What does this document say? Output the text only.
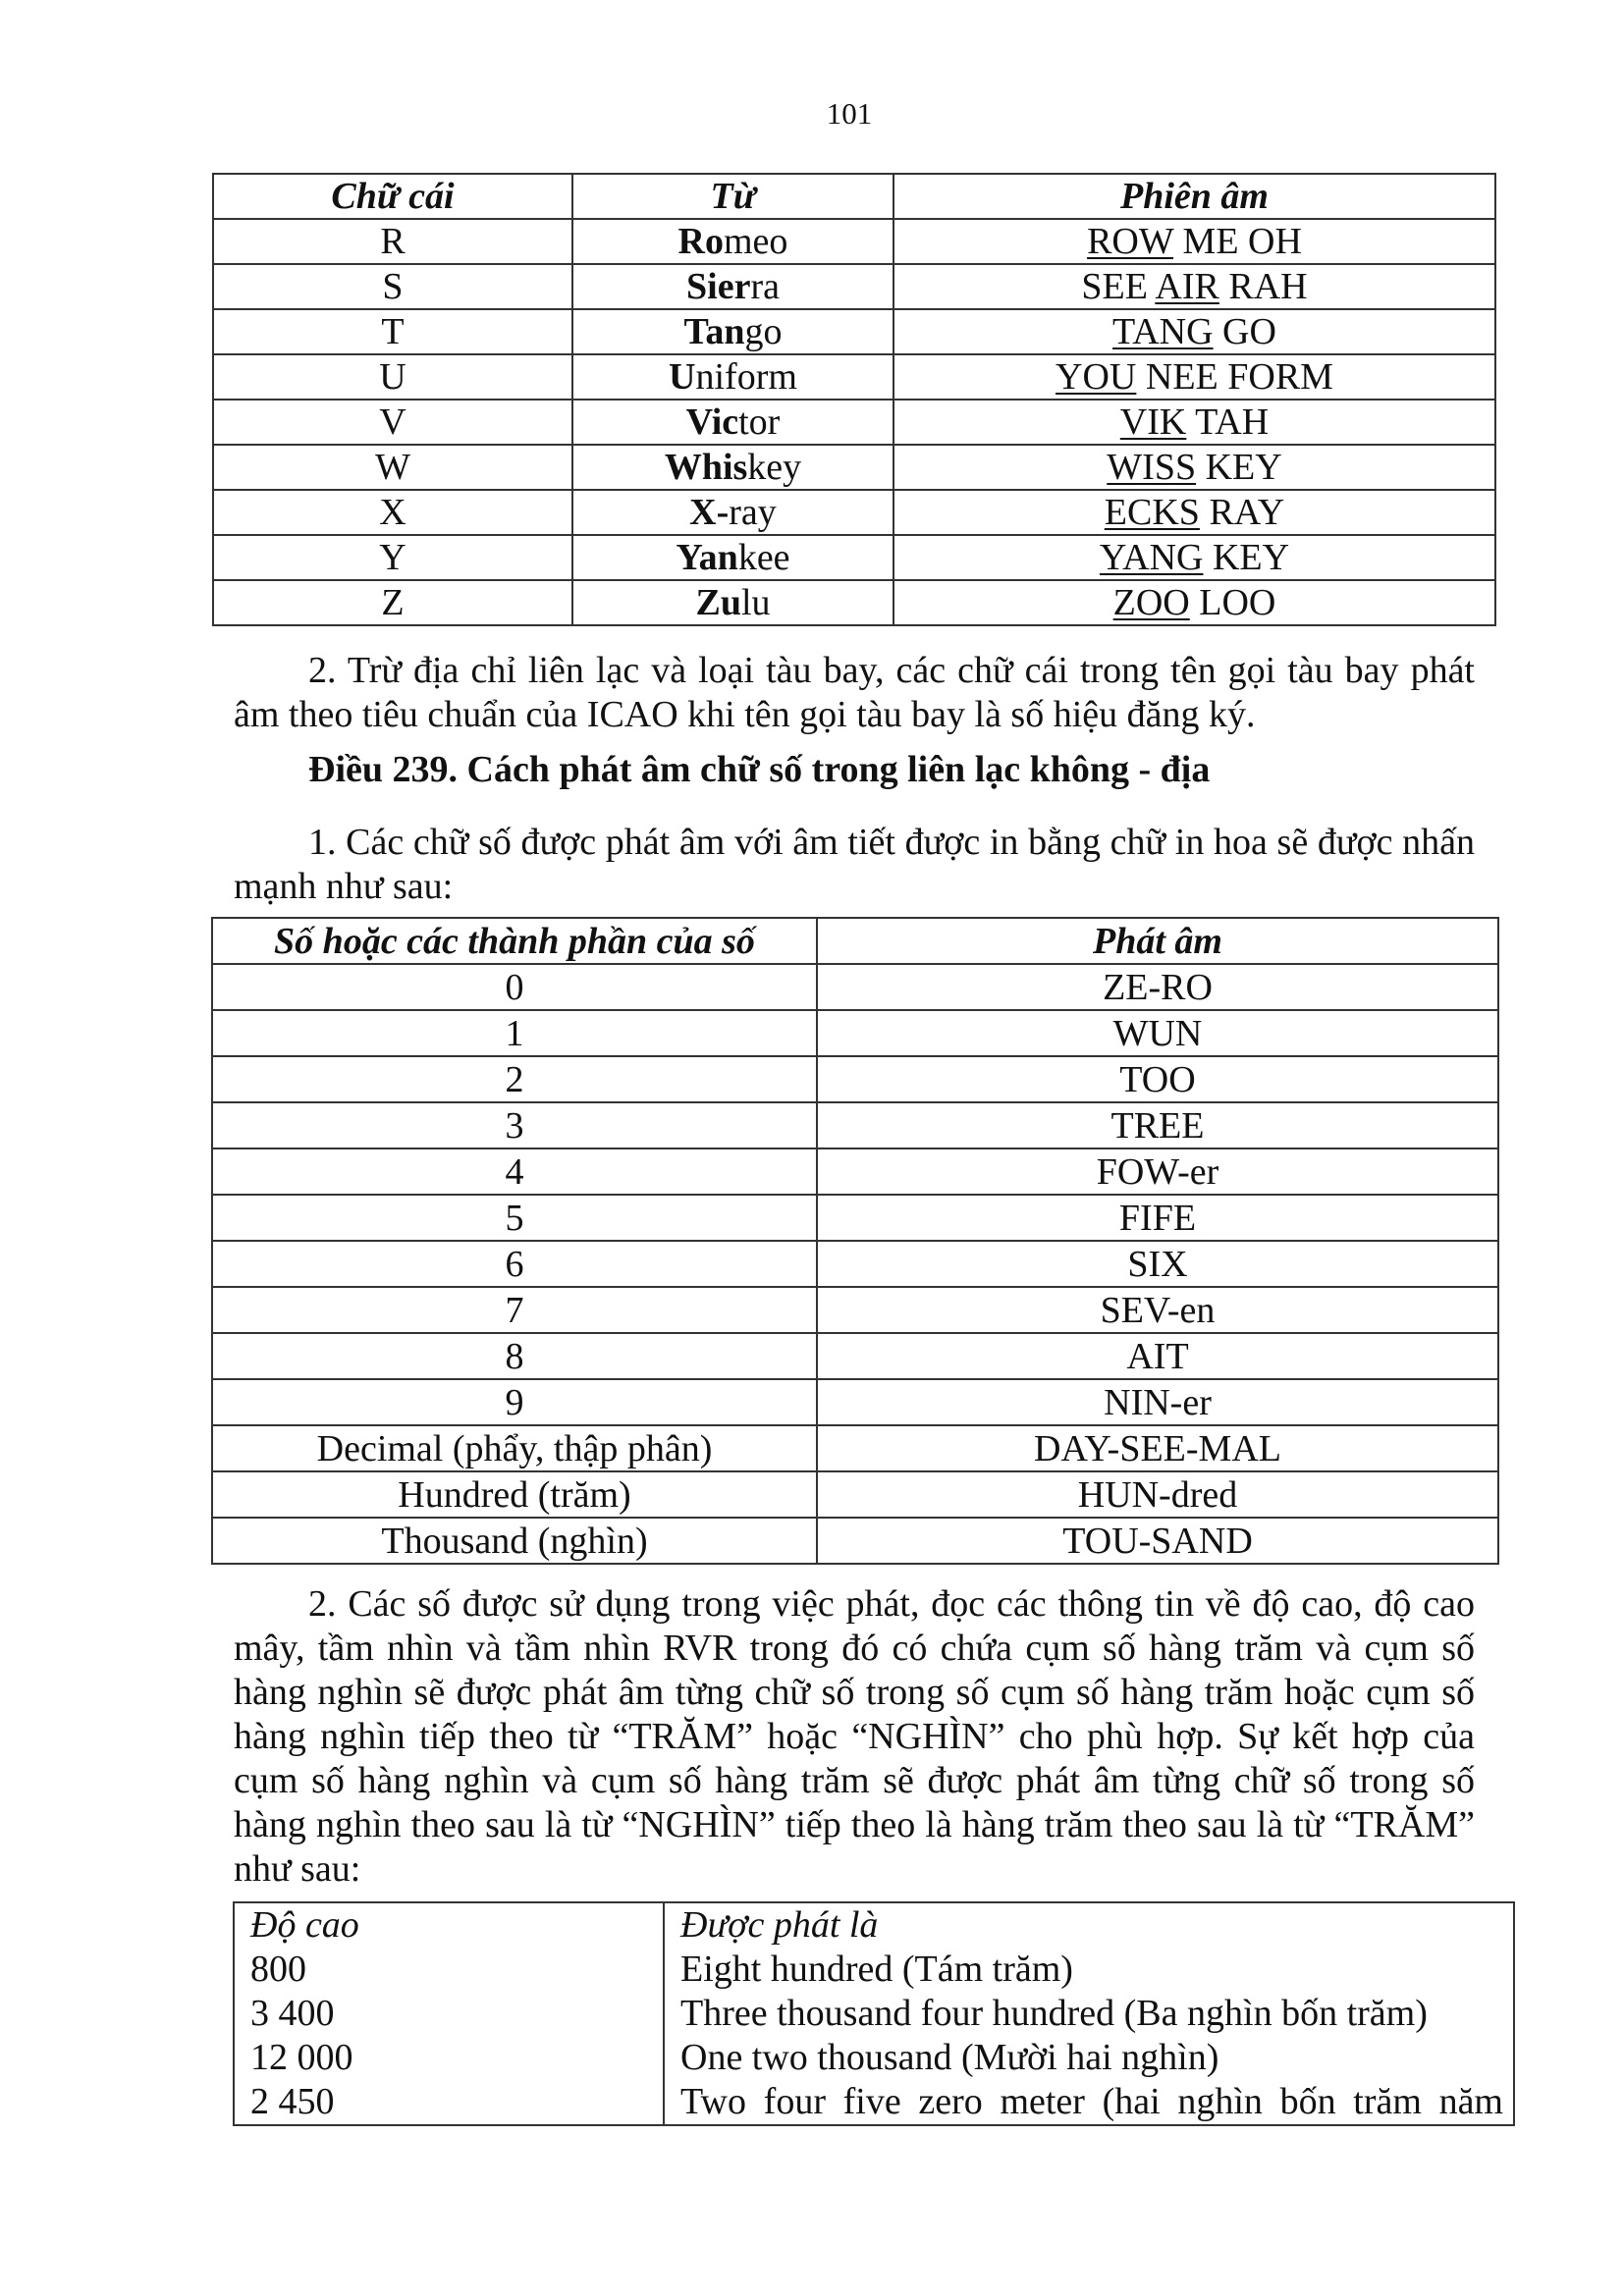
101
Chữ cái	Từ	Phiên âm
R	Romeo	ROW ME OH
S	Sierra	SEE AIR RAH
T	Tango	TANG GO
U	Uniform	YOU NEE FORM
V	Victor	VIK TAH
W	Whiskey	WISS KEY
X	X-ray	ECKS RAY
Y	Yankee	YANG KEY
Z	Zulu	ZOO LOO

2. Trừ địa chỉ liên lạc và loại tàu bay, các chữ cái trong tên gọi tàu bay phát âm theo tiêu chuẩn của ICAO khi tên gọi tàu bay là số hiệu đăng ký.

Điều 239. Cách phát âm chữ số trong liên lạc không - địa

1. Các chữ số được phát âm với âm tiết được in bằng chữ in hoa sẽ được nhấn mạnh như sau:

Số hoặc các thành phần của số	Phát âm
0	ZE-RO
1	WUN
2	TOO
3	TREE
4	FOW-er
5	FIFE
6	SIX
7	SEV-en
8	AIT
9	NIN-er
Decimal (phẩy, thập phân)	DAY-SEE-MAL
Hundred (trăm)	HUN-dred
Thousand (nghìn)	TOU-SAND

2. Các số được sử dụng trong việc phát, đọc các thông tin về độ cao, độ cao mây, tầm nhìn và tầm nhìn RVR trong đó có chứa cụm số hàng trăm và cụm số hàng nghìn sẽ được phát âm từng chữ số trong số cụm số hàng trăm hoặc cụm số hàng nghìn tiếp theo từ “TRĂM” hoặc “NGHÌN” cho phù hợp. Sự kết hợp của cụm số hàng nghìn và cụm số hàng trăm sẽ được phát âm từng chữ số trong số hàng nghìn theo sau là từ “NGHÌN” tiếp theo là hàng trăm theo sau là từ “TRĂM” như sau:

Độ cao	Được phát là
800	Eight hundred (Tám trăm)
3 400	Three thousand four hundred (Ba nghìn bốn trăm)
12 000	One two thousand (Mười hai nghìn)
2 450	Two four five zero meter (hai nghìn bốn trăm năm
